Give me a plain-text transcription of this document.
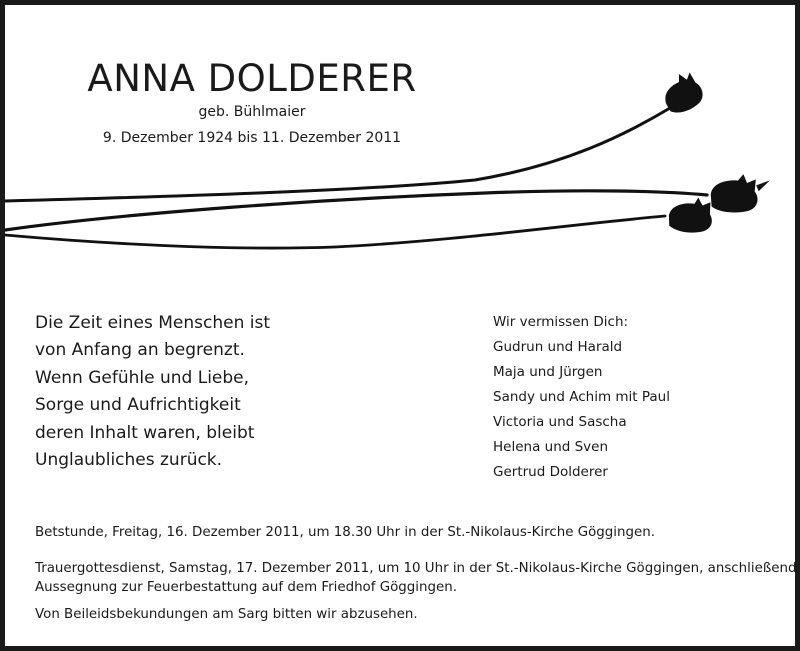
ANNA DOLDERER
geb. Bühlmaier
9. Dezember 1924 bis 11. Dezember 2011
Die Zeit eines Menschen ist
von Anfang an begrenzt.
Wenn Gefühle und Liebe,
Sorge und Aufrichtigkeit
deren Inhalt waren, bleibt
Unglaubliches zurück.
Wir vermissen Dich:
Gudrun und Harald
Maja und Jürgen
Sandy und Achim mit Paul
Victoria und Sascha
Helena und Sven
Gertrud Dolderer

Betstunde, Freitag, 16. Dezember 2011, um 18.30 Uhr in der St.-Nikolaus-Kirche Göggingen.

Trauergottesdienst, Samstag, 17. Dezember 2011, um 10 Uhr in der St.-Nikolaus-Kirche Göggingen, anschließend
Aussegnung zur Feuerbestattung auf dem Friedhof Göggingen.

Von Beileidsbekundungen am Sarg bitten wir abzusehen.
